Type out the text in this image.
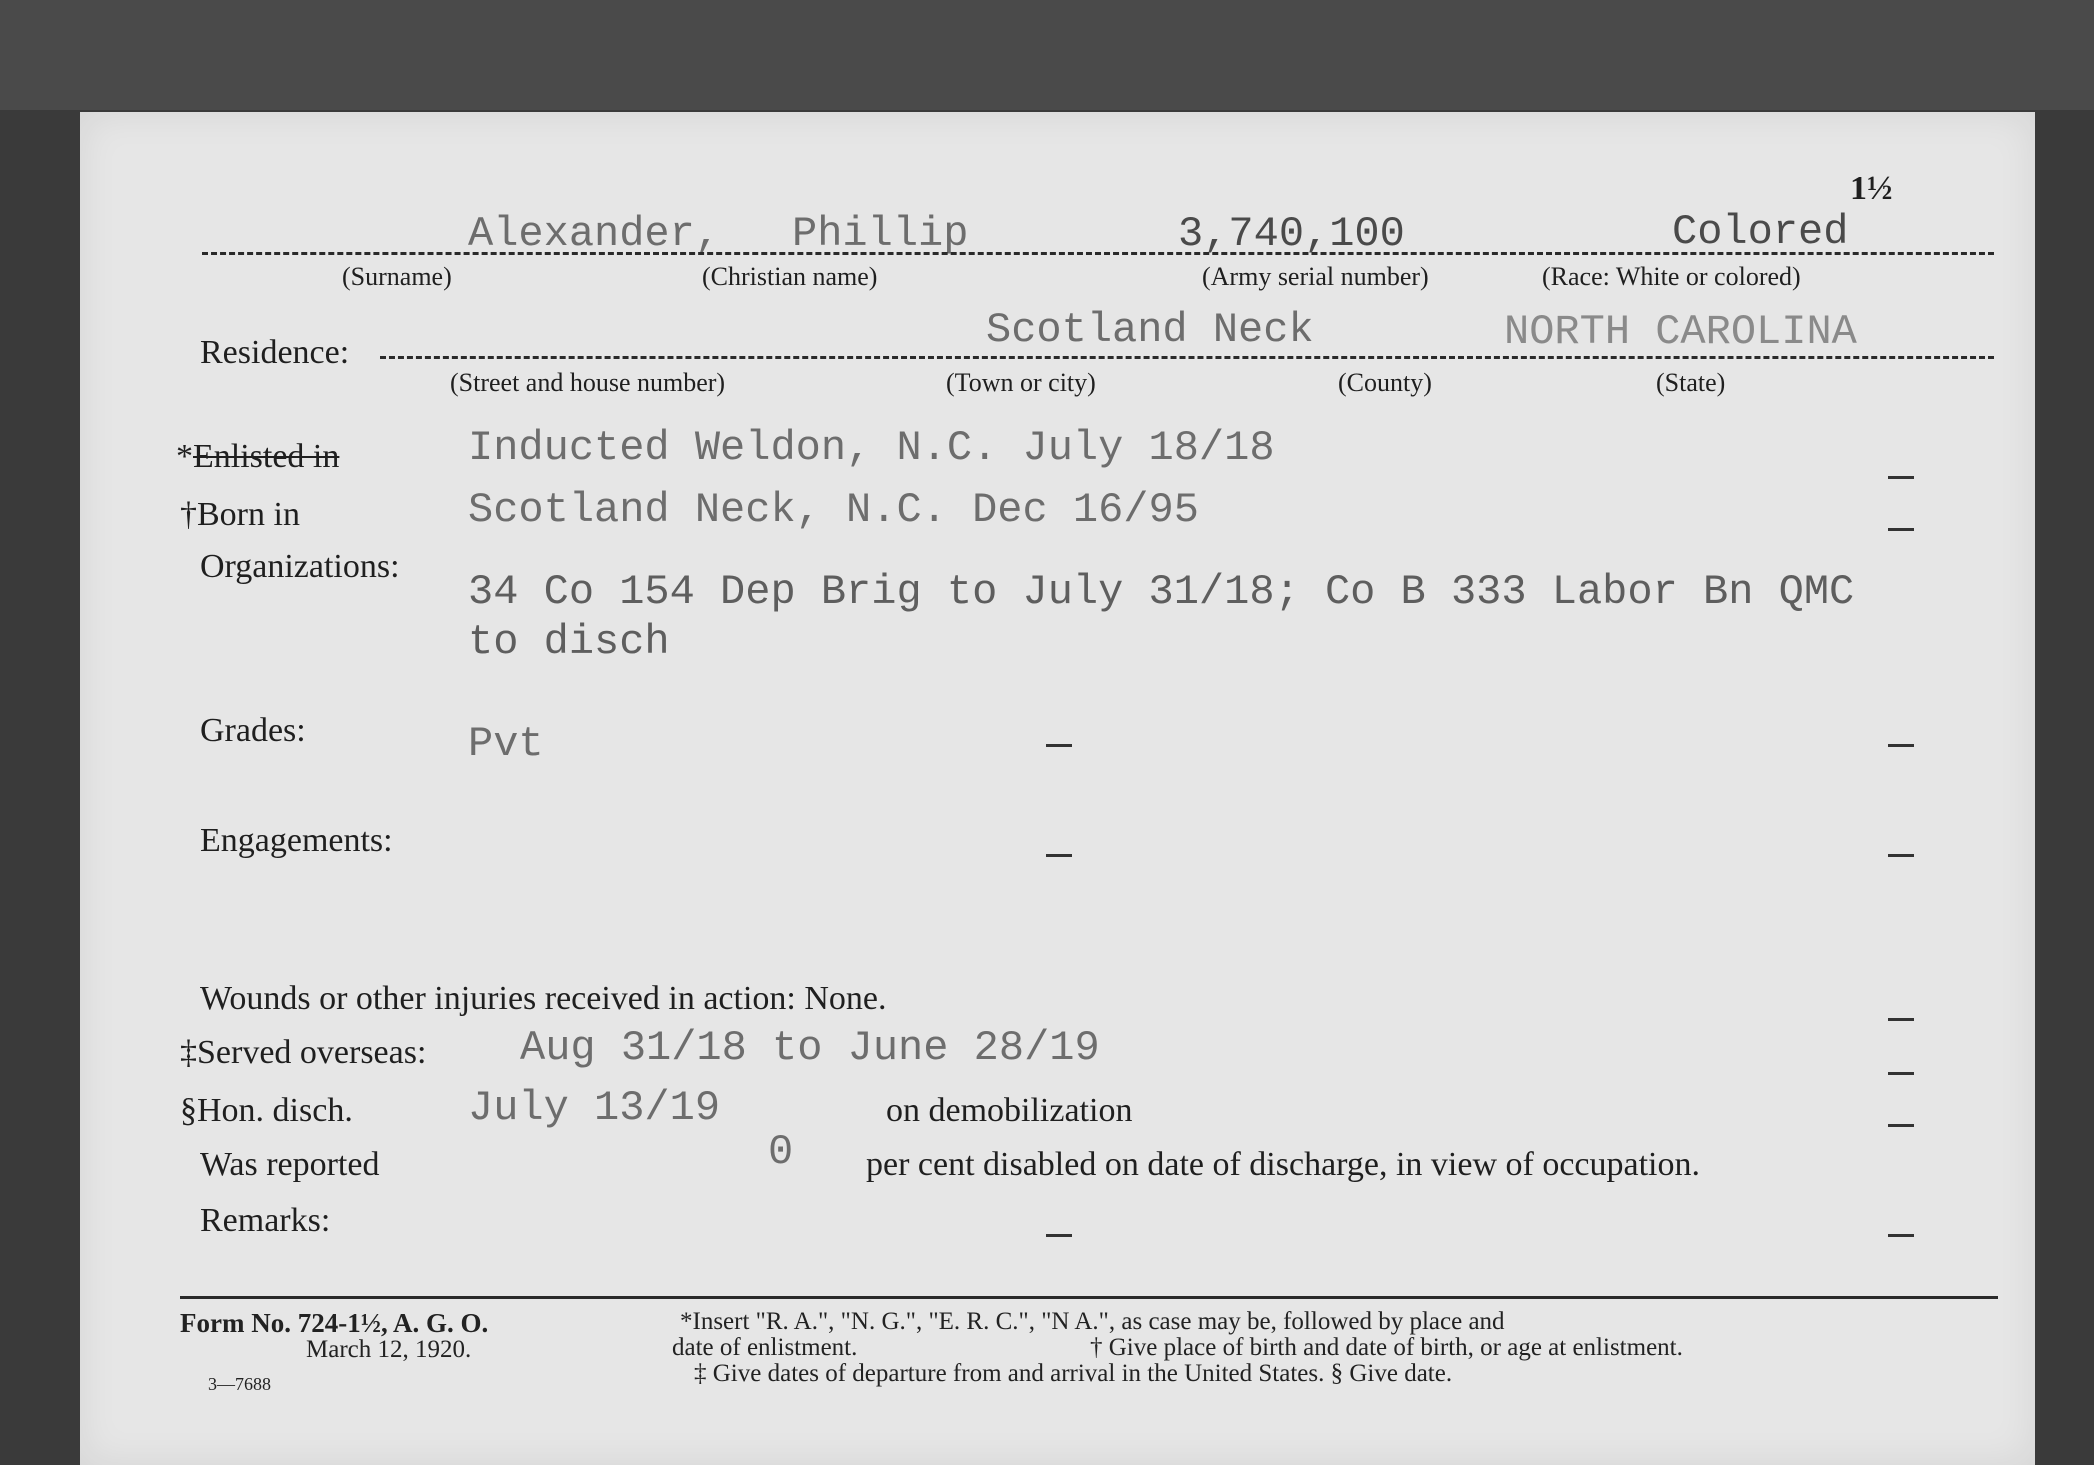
1½
Alexander, Phillip	3,740,100	Colored
(Surname)	(Christian name)	(Army serial number)	(Race: White or colored)
Residence:	Scotland Neck	NORTH CAROLINA
(Street and house number)	(Town or city)	(County)	(State)
*Enlisted in	Inducted Weldon, N.C. July 18/18
†Born in	Scotland Neck, N.C. Dec 16/95
Organizations:
34 Co 154 Dep Brig to July 31/18; Co B 333 Labor Bn QMC
to disch
Grades:	Pvt
Engagements:
Wounds or other injuries received in action: None.
‡Served overseas: Aug 31/18 to June 28/19
§Hon. disch.	July 13/19	on demobilization
Was reported	0 per cent disabled on date of discharge, in view of occupation.
Remarks:
Form No. 724-1½, A. G. O.
March 12, 1920.
3—7688
*Insert "R. A.", "N. G.", "E. R. C.", "N A.", as case may be, followed by place and
date of enlistment.	† Give place of birth and date of birth, or age at enlistment.
‡ Give dates of departure from and arrival in the United States. § Give date.
